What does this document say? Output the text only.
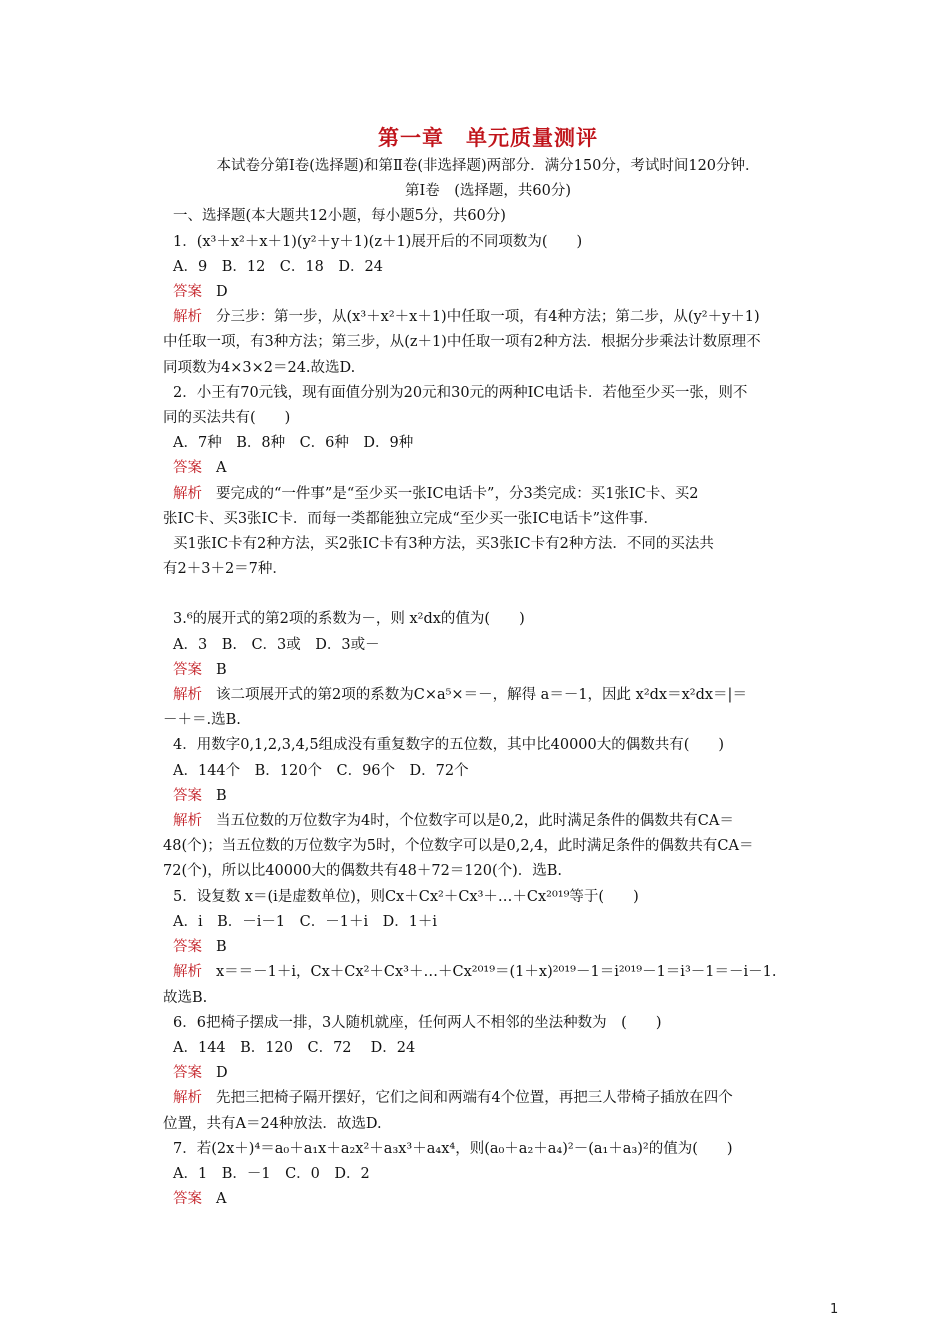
第一章　单元质量测评
本试卷分第Ⅰ卷(选择题)和第Ⅱ卷(非选择题)两部分．满分150分，考试时间120分钟．
第Ⅰ卷　(选择题，共60分)
一、选择题(本大题共12小题，每小题5分，共60分)
1．(x³＋x²＋x＋1)(y²＋y＋1)(z＋1)展开后的不同项数为(　　)
A．9　B．12　C．18　D．24
答案 D
解析 分三步：第一步，从(x³＋x²＋x＋1)中任取一项，有4种方法；第二步，从(y²＋y＋1)
中任取一项，有3种方法；第三步，从(z＋1)中任取一项有2种方法．根据分步乘法计数原理不
同项数为4×3×2＝24.故选D.
2．小王有70元钱，现有面值分别为20元和30元的两种IC电话卡．若他至少买一张，则不
同的买法共有(　　)
A．7种　B．8种　C．6种　D．9种
答案 A
解析 要完成的“一件事”是“至少买一张IC电话卡”，分3类完成：买1张IC卡、买2
张IC卡、买3张IC卡．而每一类都能独立完成“至少买一张IC电话卡”这件事．
买1张IC卡有2种方法，买2张IC卡有3种方法，买3张IC卡有2种方法．不同的买法共
有2＋3＋2＝7种．
3.⁶的展开式的第2项的系数为－，则 x²dx的值为(　　)
A．3　B.　C．3或　D．3或－
答案 B
解析 该二项展开式的第2项的系数为C×a⁵×＝－，解得 a＝－1，因此 x²dx＝x²dx＝|＝
－＋＝.选B.
4．用数字0,1,2,3,4,5组成没有重复数字的五位数，其中比40000大的偶数共有(　　)
A．144个　B．120个　C．96个　D．72个
答案 B
解析 当五位数的万位数字为4时，个位数字可以是0,2，此时满足条件的偶数共有CA＝
48(个)；当五位数的万位数字为5时，个位数字可以是0,2,4，此时满足条件的偶数共有CA＝
72(个)，所以比40000大的偶数共有48＋72＝120(个)．选B.
5．设复数 x＝(i是虚数单位)，则Cx＋Cx²＋Cx³＋…＋Cx²⁰¹⁹等于(　　)
A．i　B．－i－1　C．－1＋i　D．1＋i
答案 B
解析 x＝＝－1＋i，Cx＋Cx²＋Cx³＋…＋Cx²⁰¹⁹＝(1＋x)²⁰¹⁹－1＝i²⁰¹⁹－1＝i³－1＝－i－1.
故选B.
6．6把椅子摆成一排，3人随机就座，任何两人不相邻的坐法种数为　(　　)
A．144　B．120　C．72　 D．24
答案 D
解析 先把三把椅子隔开摆好，它们之间和两端有4个位置，再把三人带椅子插放在四个
位置，共有A＝24种放法．故选D.
7．若(2x＋)⁴＝a₀＋a₁x＋a₂x²＋a₃x³＋a₄x⁴，则(a₀＋a₂＋a₄)²－(a₁＋a₃)²的值为(　　)
A．1　B．－1　C．0　D．2
答案 A
1
